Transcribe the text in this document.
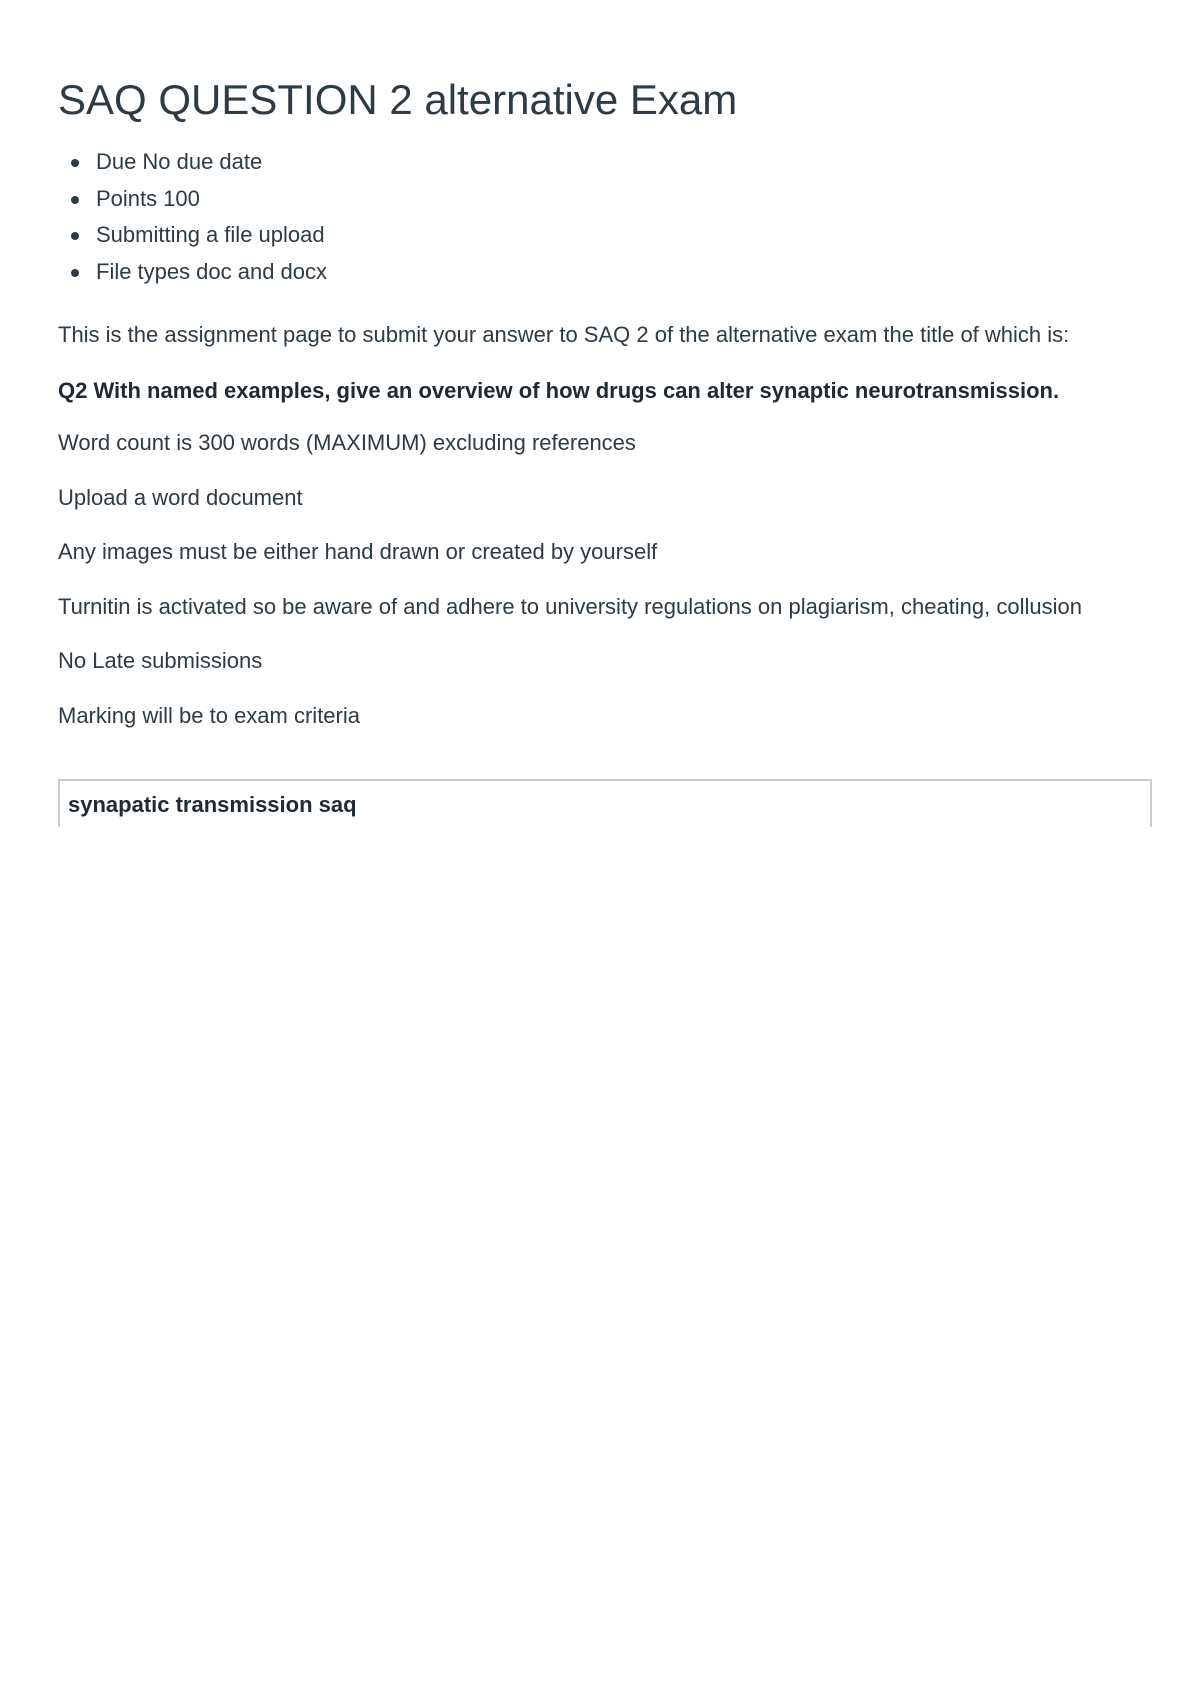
SAQ QUESTION 2 alternative Exam
Due No due date
Points 100
Submitting a file upload
File types doc and docx

This is the assignment page to submit your answer to SAQ 2 of the alternative exam the title of which is:

Q2 With named examples, give an overview of how drugs can alter synaptic neurotransmission.

Word count is 300 words (MAXIMUM) excluding references

Upload a word document

Any images must be either hand drawn or created by yourself

Turnitin is activated so be aware of and adhere to university regulations on plagiarism, cheating, collusion

No Late submissions

Marking will be to exam criteria

synapatic transmission saq
